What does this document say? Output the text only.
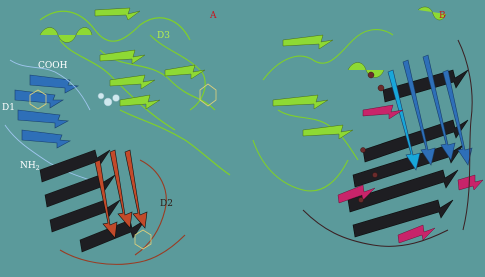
A
COOH
D1
D3
D2
$NH_2$
B
